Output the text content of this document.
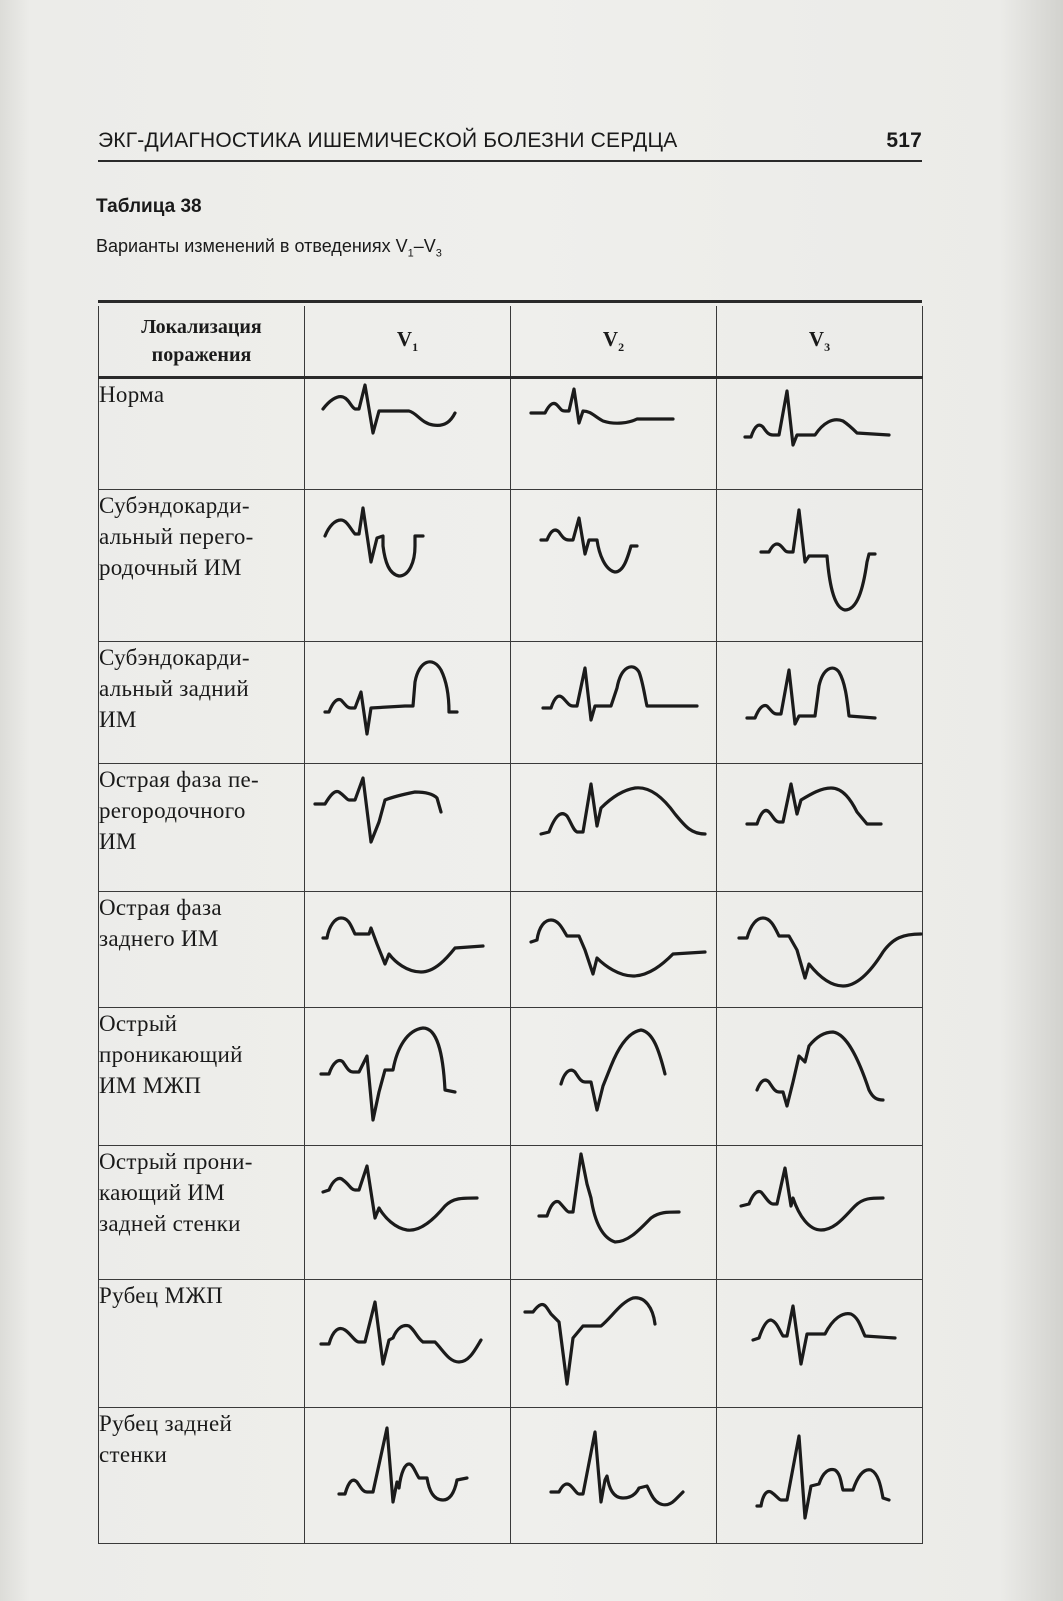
ЭКГ-ДИАГНОСТИКА ИШЕМИЧЕСКОЙ БОЛЕЗНИ СЕРДЦА	517
Таблица 38
Варианты изменений в отведениях $V_1-V_3$
Локализация поражения	$V_1$	$V_2$	$V_3$
Норма	

Субэндокарди-
альный перего-
родочный ИМ	

Субэндокарди-
альный задний
ИМ	

Острая фаза пе-
регородочного
ИМ	

Острая фаза
заднего ИМ	

Острый
проникающий
ИМ МЖП	

Острый прони-
кающий ИМ
задней стенки	

Рубец МЖП	

Рубец задней
стенки	
